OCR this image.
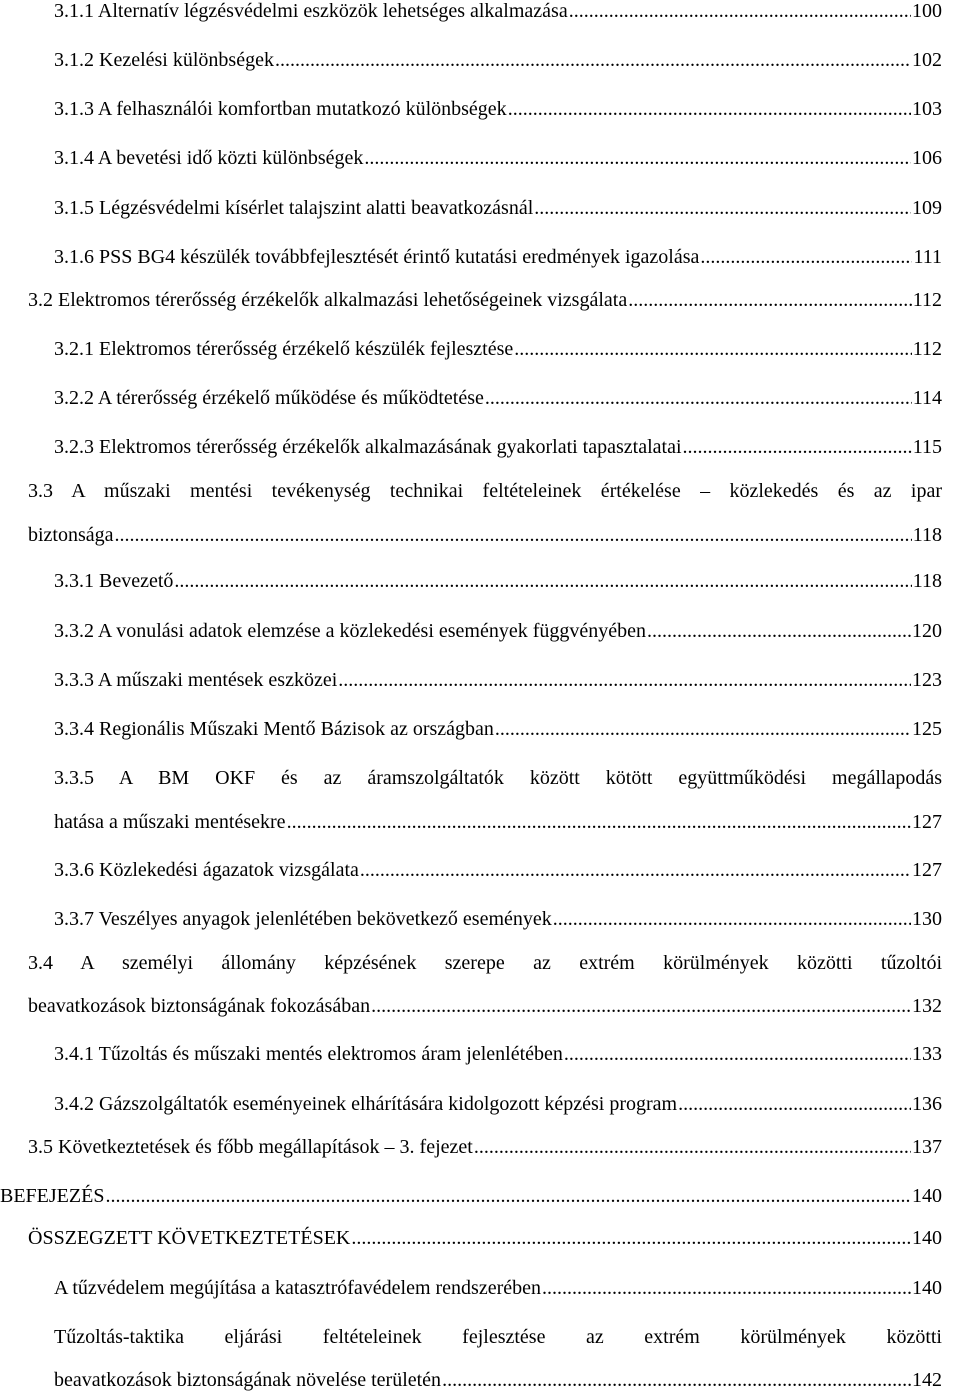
3.1.1 Alternatív légzésvédelmi eszközök lehetséges alkalmazása .....	100
3.1.2 Kezelési különbségek .....	102
3.1.3 A felhasználói komfortban mutatkozó különbségek .....	103
3.1.4 A bevetési idő közti különbségek .....	106
3.1.5 Légzésvédelmi kísérlet talajszint alatti beavatkozásnál .....	109
3.1.6 PSS BG4 készülék továbbfejlesztését érintő kutatási eredmények igazolása .....	111
3.2 Elektromos térerősség érzékelők alkalmazási lehetőségeinek vizsgálata .....	112
3.2.1 Elektromos térerősség érzékelő készülék fejlesztése .....	112
3.2.2 A térerősség érzékelő működése és működtetése .....	114
3.2.3 Elektromos térerősség érzékelők alkalmazásának gyakorlati tapasztalatai .....	115
3.3 A műszaki mentési tevékenység technikai feltételeinek értékelése – közlekedés és az ipar
biztonsága .....	118
3.3.1 Bevezető .....	118
3.3.2 A vonulási adatok elemzése a közlekedési események függvényében .....	120
3.3.3 A műszaki mentések eszközei .....	123
3.3.4 Regionális Műszaki Mentő Bázisok az országban .....	125
3.3.5 A BM OKF és az áramszolgáltatók között kötött együttműködési megállapodás
hatása a műszaki mentésekre .....	127
3.3.6 Közlekedési ágazatok vizsgálata .....	127
3.3.7 Veszélyes anyagok jelenlétében bekövetkező események .....	130
3.4 A személyi állomány képzésének szerepe az extrém körülmények közötti tűzoltói
beavatkozások biztonságának fokozásában .....	132
3.4.1 Tűzoltás és műszaki mentés elektromos áram jelenlétében .....	133
3.4.2 Gázszolgáltatók eseményeinek elhárítására kidolgozott képzési program .....	136
3.5 Következtetések és főbb megállapítások – 3. fejezet .....	137
BEFEJEZÉS .....	140
ÖSSZEGZETT KÖVETKEZTETÉSEK .....	140
A tűzvédelem megújítása a katasztrófavédelem rendszerében .....	140
Tűzoltás-taktika eljárási feltételeinek fejlesztése az extrém körülmények közötti
beavatkozások biztonságának növelése területén .....	142
